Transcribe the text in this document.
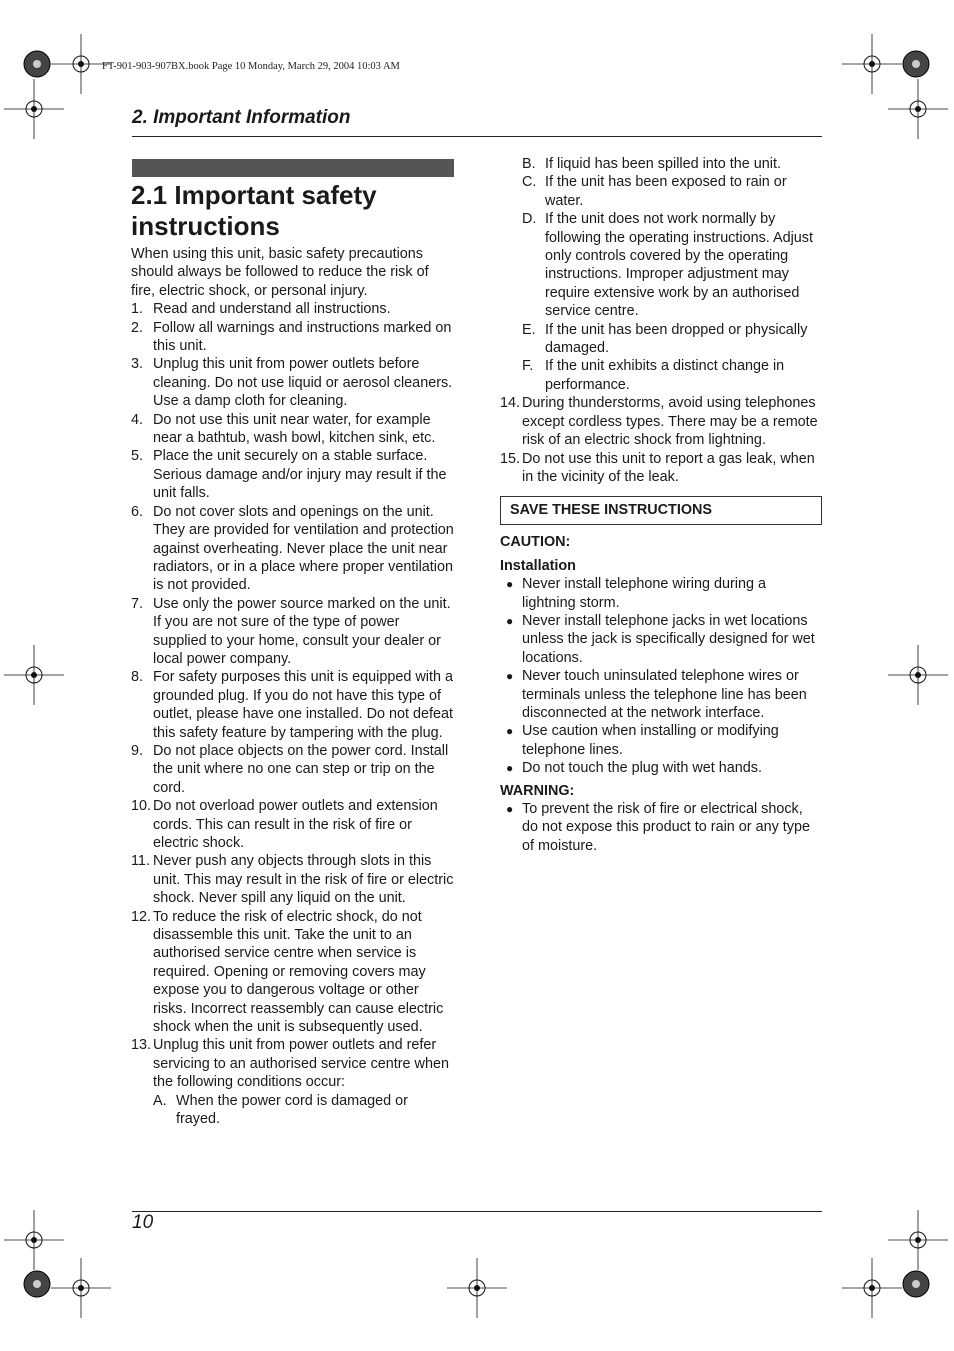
FT-901-903-907BX.book Page 10 Monday, March 29, 2004 10:03 AM
2. Important Information
2.1 Important safety instructions

When using this unit, basic safety precautions should always be followed to reduce the risk of fire, electric shock, or personal injury.

1. Read and understand all instructions.
2. Follow all warnings and instructions marked on this unit.
3. Unplug this unit from power outlets before cleaning. Do not use liquid or aerosol cleaners. Use a damp cloth for cleaning.
4. Do not use this unit near water, for example near a bathtub, wash bowl, kitchen sink, etc.
5. Place the unit securely on a stable surface. Serious damage and/or injury may result if the unit falls.
6. Do not cover slots and openings on the unit. They are provided for ventilation and protection against overheating. Never place the unit near radiators, or in a place where proper ventilation is not provided.
7. Use only the power source marked on the unit. If you are not sure of the type of power supplied to your home, consult your dealer or local power company.
8. For safety purposes this unit is equipped with a grounded plug. If you do not have this type of outlet, please have one installed. Do not defeat this safety feature by tampering with the plug.
9. Do not place objects on the power cord. Install the unit where no one can step or trip on the cord.
10. Do not overload power outlets and extension cords. This can result in the risk of fire or electric shock.
11. Never push any objects through slots in this unit. This may result in the risk of fire or electric shock. Never spill any liquid on the unit.
12. To reduce the risk of electric shock, do not disassemble this unit. Take the unit to an authorised service centre when service is required. Opening or removing covers may expose you to dangerous voltage or other risks. Incorrect reassembly can cause electric shock when the unit is subsequently used.
13. Unplug this unit from power outlets and refer servicing to an authorised service centre when the following conditions occur:
A. When the power cord is damaged or frayed.
B. If liquid has been spilled into the unit.
C. If the unit has been exposed to rain or water.
D. If the unit does not work normally by following the operating instructions. Adjust only controls covered by the operating instructions. Improper adjustment may require extensive work by an authorised service centre.
E. If the unit has been dropped or physically damaged.
F. If the unit exhibits a distinct change in performance.
14. During thunderstorms, avoid using telephones except cordless types. There may be a remote risk of an electric shock from lightning.
15. Do not use this unit to report a gas leak, when in the vicinity of the leak.
SAVE THESE INSTRUCTIONS

CAUTION:

Installation

● Never install telephone wiring during a lightning storm.
● Never install telephone jacks in wet locations unless the jack is specifically designed for wet locations.
● Never touch uninsulated telephone wires or terminals unless the telephone line has been disconnected at the network interface.
● Use caution when installing or modifying telephone lines.
● Do not touch the plug with wet hands.

WARNING:

● To prevent the risk of fire or electrical shock, do not expose this product to rain or any type of moisture.
10
